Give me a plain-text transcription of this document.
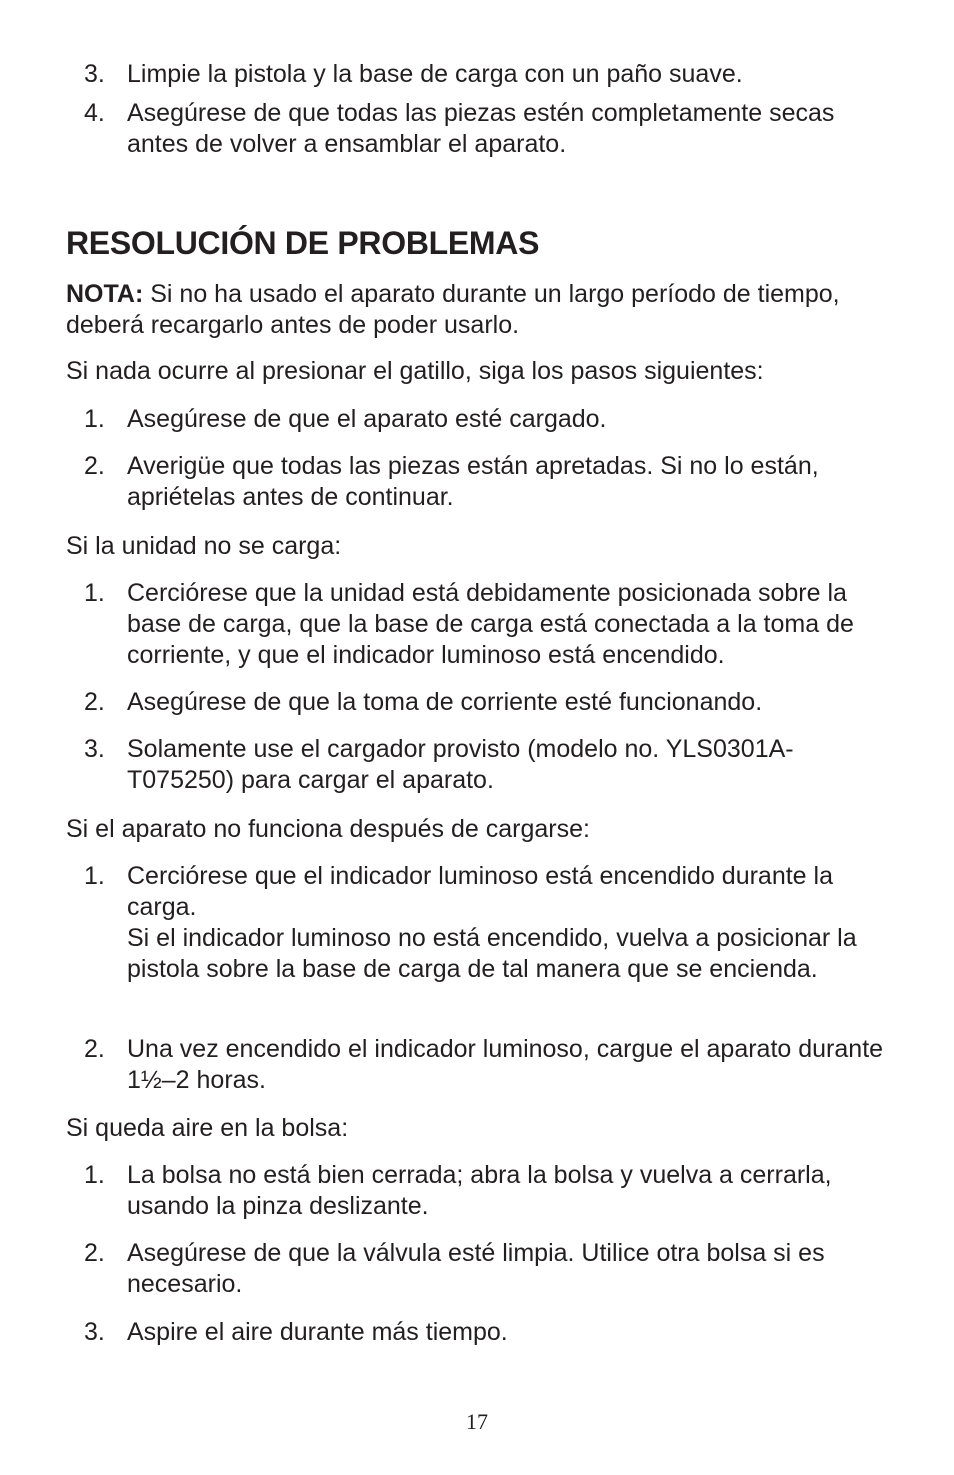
3. Limpie la pistola y la base de carga con un paño suave.
4. Asegúrese de que todas las piezas estén completamente secas antes de volver a ensamblar el aparato.
RESOLUCIÓN DE PROBLEMAS
NOTA: Si no ha usado el aparato durante un largo período de tiempo, deberá recargarlo antes de poder usarlo.
Si nada ocurre al presionar el gatillo, siga los pasos siguientes:
1. Asegúrese de que el aparato esté cargado.
2. Averigüe que todas las piezas están apretadas. Si no lo están, apriételas antes de continuar.
Si la unidad no se carga:
1. Cerciórese que la unidad está debidamente posicionada sobre la base de carga, que la base de carga está conectada a la toma de corriente, y que el indicador luminoso está encendido.
2. Asegúrese de que la toma de corriente esté funcionando.
3. Solamente use el cargador provisto (modelo no. YLS0301A-T075250) para cargar el aparato.
Si el aparato no funciona después de cargarse:
1. Cerciórese que el indicador luminoso está encendido durante la carga.
Si el indicador luminoso no está encendido, vuelva a posicionar la pistola sobre la base de carga de tal manera que se encienda.
2. Una vez encendido el indicador luminoso, cargue el aparato durante 1½–2 horas.
Si queda aire en la bolsa:
1. La bolsa no está bien cerrada; abra la bolsa y vuelva a cerrarla, usando la pinza deslizante.
2. Asegúrese de que la válvula esté limpia. Utilice otra bolsa si es necesario.
3. Aspire el aire durante más tiempo.
17
